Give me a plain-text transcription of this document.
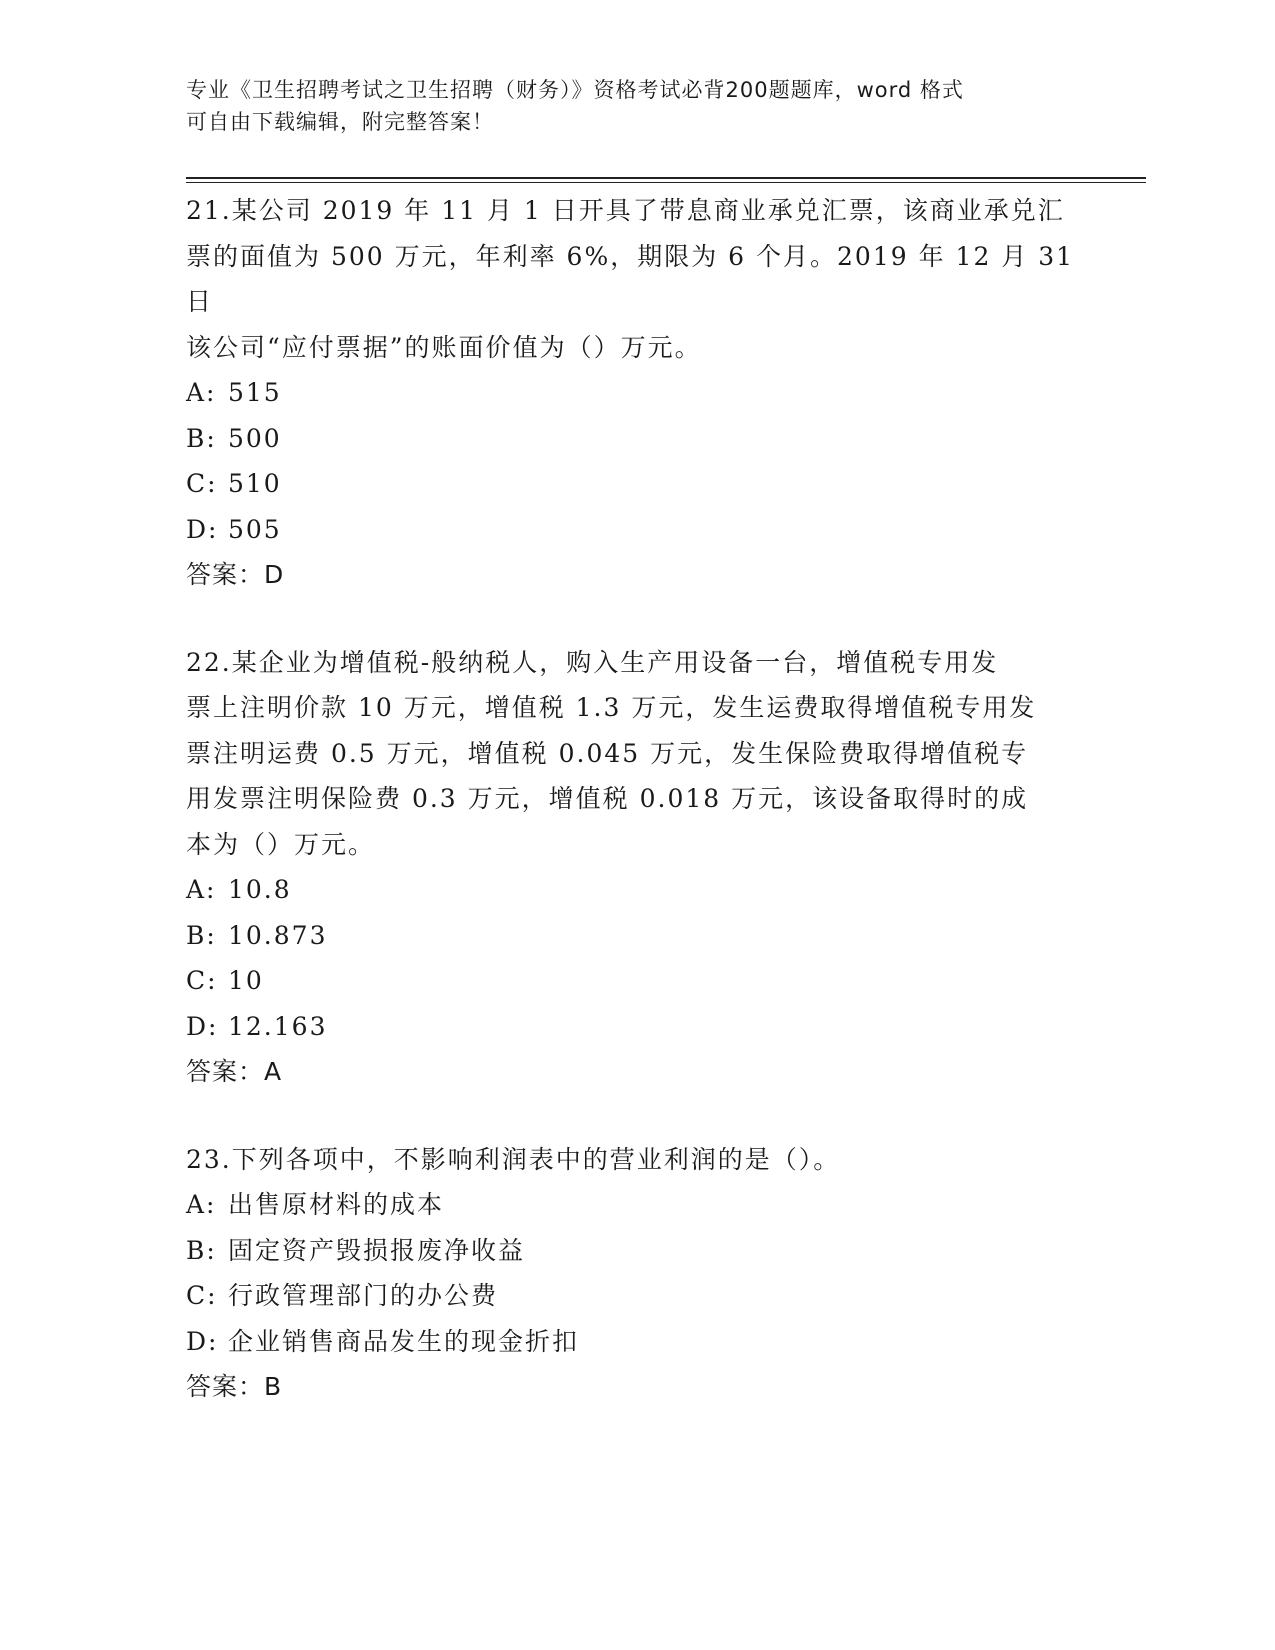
专业《卫生招聘考试之卫生招聘（财务）》资格考试必背200题题库，word 格式
可自由下载编辑，附完整答案！

21.某公司 2019 年 11 月 1 日开具了带息商业承兑汇票，该商业承兑汇

票的面值为 500 万元，年利率 6%，期限为 6 个月。2019 年 12 月 31 日

该公司“应付票据”的账面价值为（）万元。

A: 515

B: 500

C: 510

D: 505

答案：D

22.某企业为增值税-般纳税人，购入生产用设备一台，增值税专用发

票上注明价款 10 万元，增值税 1.3 万元，发生运费取得增值税专用发

票注明运费 0.5 万元，增值税 0.045 万元，发生保险费取得增值税专

用发票注明保险费 0.3 万元，增值税 0.018 万元，该设备取得时的成

本为（）万元。

A: 10.8

B: 10.873

C: 10

D: 12.163

答案：A

23.下列各项中，不影响利润表中的营业利润的是（）。

A: 出售原材料的成本

B: 固定资产毁损报废净收益

C: 行政管理部门的办公费

D: 企业销售商品发生的现金折扣

答案：B
